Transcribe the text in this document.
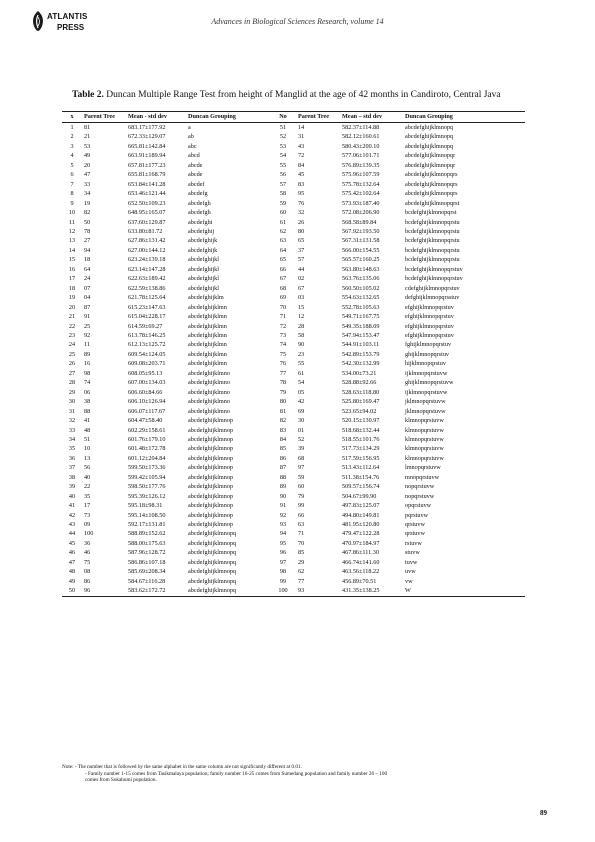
ATLANTIS
PRESS
Advances in Biological Sciences Research, volume 14
Table 2. Duncan Multiple Range Test from height of Manglid at the age of 42 months in Candiroto, Central Java
x	Parent Tree	Mean - std dev	Duncan Grouping	No	Parent Tree	Mean – std dev	Duncan Grouping
1	81	683.17±177.92	a	51	14	582.37±114.88	abcdefghijklmnopq
2	21	672.33±129.07	ab	52	31	582.12±160.61	abcdefghijklmnopq
3	53	665.81±142.84	abc	53	43	580.43±200.10	abcdefghijklmnopq
4	49	663.91±189.94	abcd	54	72	577.06±101.71	abcdefghijklmnopqr
5	20	657.81±177.23	abcde	55	84	576.89±139.35	abcdefghijklmnopqr
6	47	655.81±168.79	abcde	56	45	575.96±107.59	abcdefghijklmnopqrs
7	33	653.84±141.28	abcdef	57	83	575.78±132.64	abcdefghijklmnopqrs
8	34	653.46±121.44	abcdefg	58	95	575.42±102.64	abcdefghijklmnopqrs
9	19	652.50±109.23	abcdefgh	59	76	573.93±187.40	abcdefghijklmnopqrst
10	82	648.95±165.07	abcdefgh	60	32	572.08±206.90	bcdefghijklmnopqrst
11	50	637.60±129.87	abcdefghi	61	26	568.58±89.84	bcdefghijklmnopqrstu
12	78	633.80±81.72	abcdefghij	62	80	567.92±193.50	bcdefghijklmnopqrstu
13	27	627.86±131.42	abcdefghijk	63	65	567.31±131.58	bcdefghijklmnopqrstu
14	94	627.00±144.12	abcdefghijk	64	37	566.00±154.55	bcdefghijklmnopqrstu
15	18	623.24±139.18	abcdefghijkl	65	57	565.57±160.25	bcdefghijklmnopqrstu
16	64	623.14±147.28	abcdefghijkl	66	44	563.80±148.63	bcdefghijklmnopqrstuv
17	24	622.63±189.42	abcdefghijkl	67	02	563.76±135.06	bcdefghijklmnopqrstuv
18	07	622.59±138.86	abcdefghijkl	68	67	560.50±105.02	cdefghijklmnopqrstuv
19	04	621.78±125.64	abcdefghijklm	69	03	554.63±132.65	defghijklmnopqrsstuv
20	87	615.23±147.63	abcdefghijklmn	70	15	552.78±105.63	efghijklmnopqrstuv
21	91	615.04±228.17	abcdefghijklmn	71	12	549.71±167.75	efghijklmnopqrstuv
22	25	614.59±69.27	abcdefghijklmn	72	28	549.35±188.09	efghijklmnopqrstuv
23	92	613.78±146.25	abcdefghijklmn	73	58	547.94±153.47	efghijklmnopqrstuv
24	11	612.13±125.72	abcdefghijklmn	74	90	544.91±103.11	fghijklmnopqrstuv
25	89	609.54±124.05	abcdefghijklmn	75	23	542.89±153.79	ghijklmnopqrstuv
26	16	609.08±203.71	abcdefghijklmn	76	55	542.30±132.99	hijklmnopqrstuv
27	98	608.05±95.13	abcdefghijklmno	77	61	534.00±73.21	ijklmnopqrstuvw
28	74	607.00±134.03	abcdefghijklmno	78	54	528.88±92.66	ghijklmnopqrstuvw
29	06	606.60±84.66	abcdefghijklmno	79	05	528.63±118.80	ijklmnopqrstuvw
30	38	606.10±126.94	abcdefghijklmno	80	42	525.80±169.47	jklmnopqrstuvw
31	88	606.07±117.67	abcdefghijklmno	81	69	523.65±94.02	jklmnopqrstuvw
32	41	604.47±58.40	abcdefghijklmnop	82	30	520.15±130.97	klmnopqrstuvw
33	48	602.29±158.61	abcdefghijklmnop	83	01	518.68±132.44	klmnopqrstuvw
34	51	601.76±179.10	abcdefghijklmnop	84	52	518.55±101.76	klmnopqrstuvw
35	10	601.48±172.78	abcdefghijklmnop	85	39	517.73±134.29	klmnopqrstuvw
36	13	601.12±204.84	abcdefghijklmnop	86	68	517.59±156.95	klmnopqrstuvw
37	56	599.50±173.36	abcdefghijklmnop	87	97	513.43±112.64	lmnopqrstuvw
38	40	599.42±105.94	abcdefghijklmnop	88	59	511.38±154.76	mnopqrstuvw
39	22	598.50±177.76	abcdefghijklmnop	89	60	509.57±156.74	nopqrstuvw
40	35	595.39±126.12	abcdefghijklmnop	90	79	504.67±99.90	nopqrstuvw
41	17	595.18±98.31	abcdefghijklmnop	91	99	497.83±125.07	opqrstuvw
42	73	595.14±108.50	abcdefghijklmnop	92	66	494.80±149.81	pqrstuvw
43	09	592.17±131.81	abcdefghijklmnop	93	63	481.95±120.80	qrstuvw
44	100	588.89±152.62	abcdefghijklmnopq	94	71	479.47±122.28	qrstuvw
45	36	588.00±175.63	abcdefghijklmnopq	95	70	470.97±184.97	rstuvw
46	46	587.96±128.72	abcdefghijklmnopq	96	85	467.86±111.30	stuvw
47	75	586.86±107.18	abcdefghijklmnopq	97	29	466.74±141.60	tuvw
48	08	585.69±208.34	abcdefghijklmnopq	98	62	463.56±118.22	uvw
49	86	584.67±116.28	abcdefghijklmnopq	99	77	456.89±70.51	vw
50	96	583.62±172.72	abcdefghijklmnopq	100	93	431.35±138.25	W
Note: - The number that is followed by the same alphabet in the same column are not significantly different at 0.01.
- Family number 1-15 comes from Tasikmalaya population; family number 16-25 comes from Sumedang population and family number 26 – 100
comes from Sukabumi population.
89
